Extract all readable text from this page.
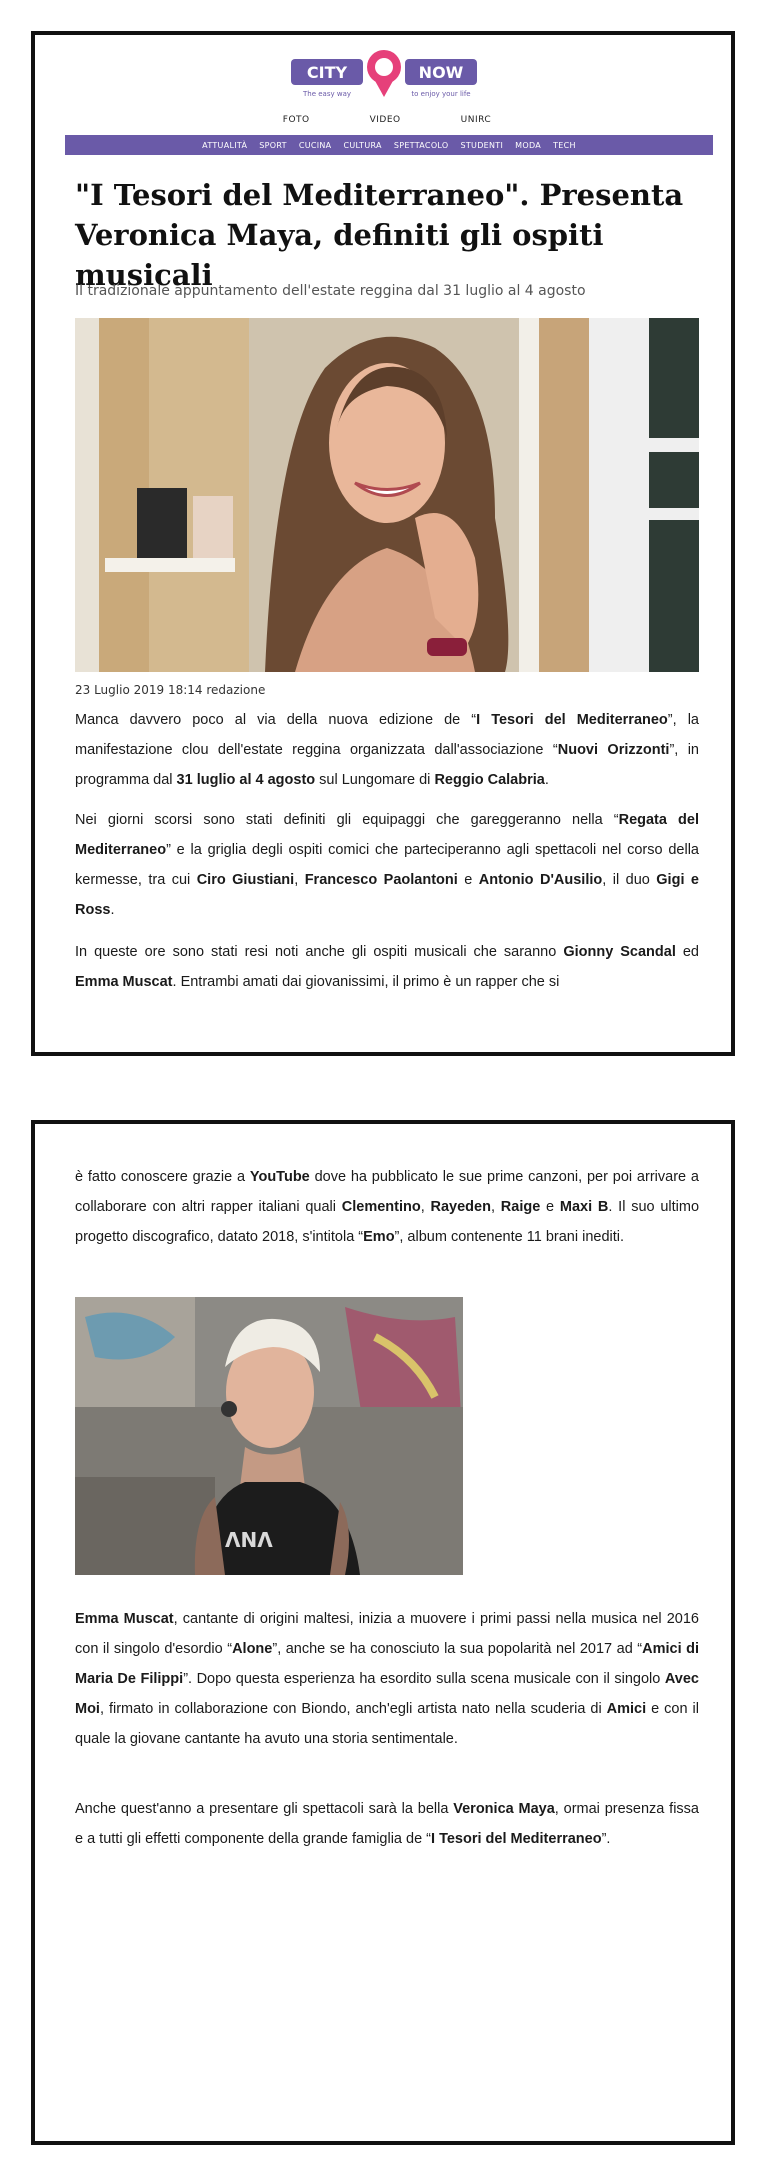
CITY	NOW
The easy way	to enjoy your life
FOTO	VIDEO	UNIRC
ATTUALITÀ SPORT CUCINA CULTURA SPETTACOLO STUDENTI MODA TECH
"I Tesori del Mediterraneo". Presenta Veronica Maya, definiti gli ospiti musicali
Il tradizionale appuntamento dell'estate reggina dal 31 luglio al 4 agosto
23 Luglio 2019 18:14 redazione

Manca davvero poco al via della nuova edizione de “I Tesori del Mediterraneo”, la manifestazione clou dell'estate reggina organizzata dall'associazione “Nuovi Orizzonti”, in programma dal 31 luglio al 4 agosto sul Lungomare di Reggio Calabria.

Nei giorni scorsi sono stati definiti gli equipaggi che gareggeranno nella “Regata del Mediterraneo” e la griglia degli ospiti comici che parteciperanno agli spettacoli nel corso della kermesse, tra cui Ciro Giustiani, Francesco Paolantoni e Antonio D'Ausilio, il duo Gigi e Ross.

In queste ore sono stati resi noti anche gli ospiti musicali che saranno Gionny Scandal ed Emma Muscat. Entrambi amati dai giovanissimi, il primo è un rapper che si

è fatto conoscere grazie a YouTube dove ha pubblicato le sue prime canzoni, per poi arrivare a collaborare con altri rapper italiani quali Clementino, Rayeden, Raige e Maxi B. Il suo ultimo progetto discografico, datato 2018, s'intitola “Emo”, album contenente 11 brani inediti.

ΛNΛ

Emma Muscat, cantante di origini maltesi, inizia a muovere i primi passi nella musica nel 2016 con il singolo d'esordio “Alone”, anche se ha conosciuto la sua popolarità nel 2017 ad “Amici di Maria De Filippi”. Dopo questa esperienza ha esordito sulla scena musicale con il singolo Avec Moi, firmato in collaborazione con Biondo, anch'egli artista nato nella scuderia di Amici e con il quale la giovane cantante ha avuto una storia sentimentale.

Anche quest'anno a presentare gli spettacoli sarà la bella Veronica Maya, ormai presenza fissa e a tutti gli effetti componente della grande famiglia de “I Tesori del Mediterraneo”.
